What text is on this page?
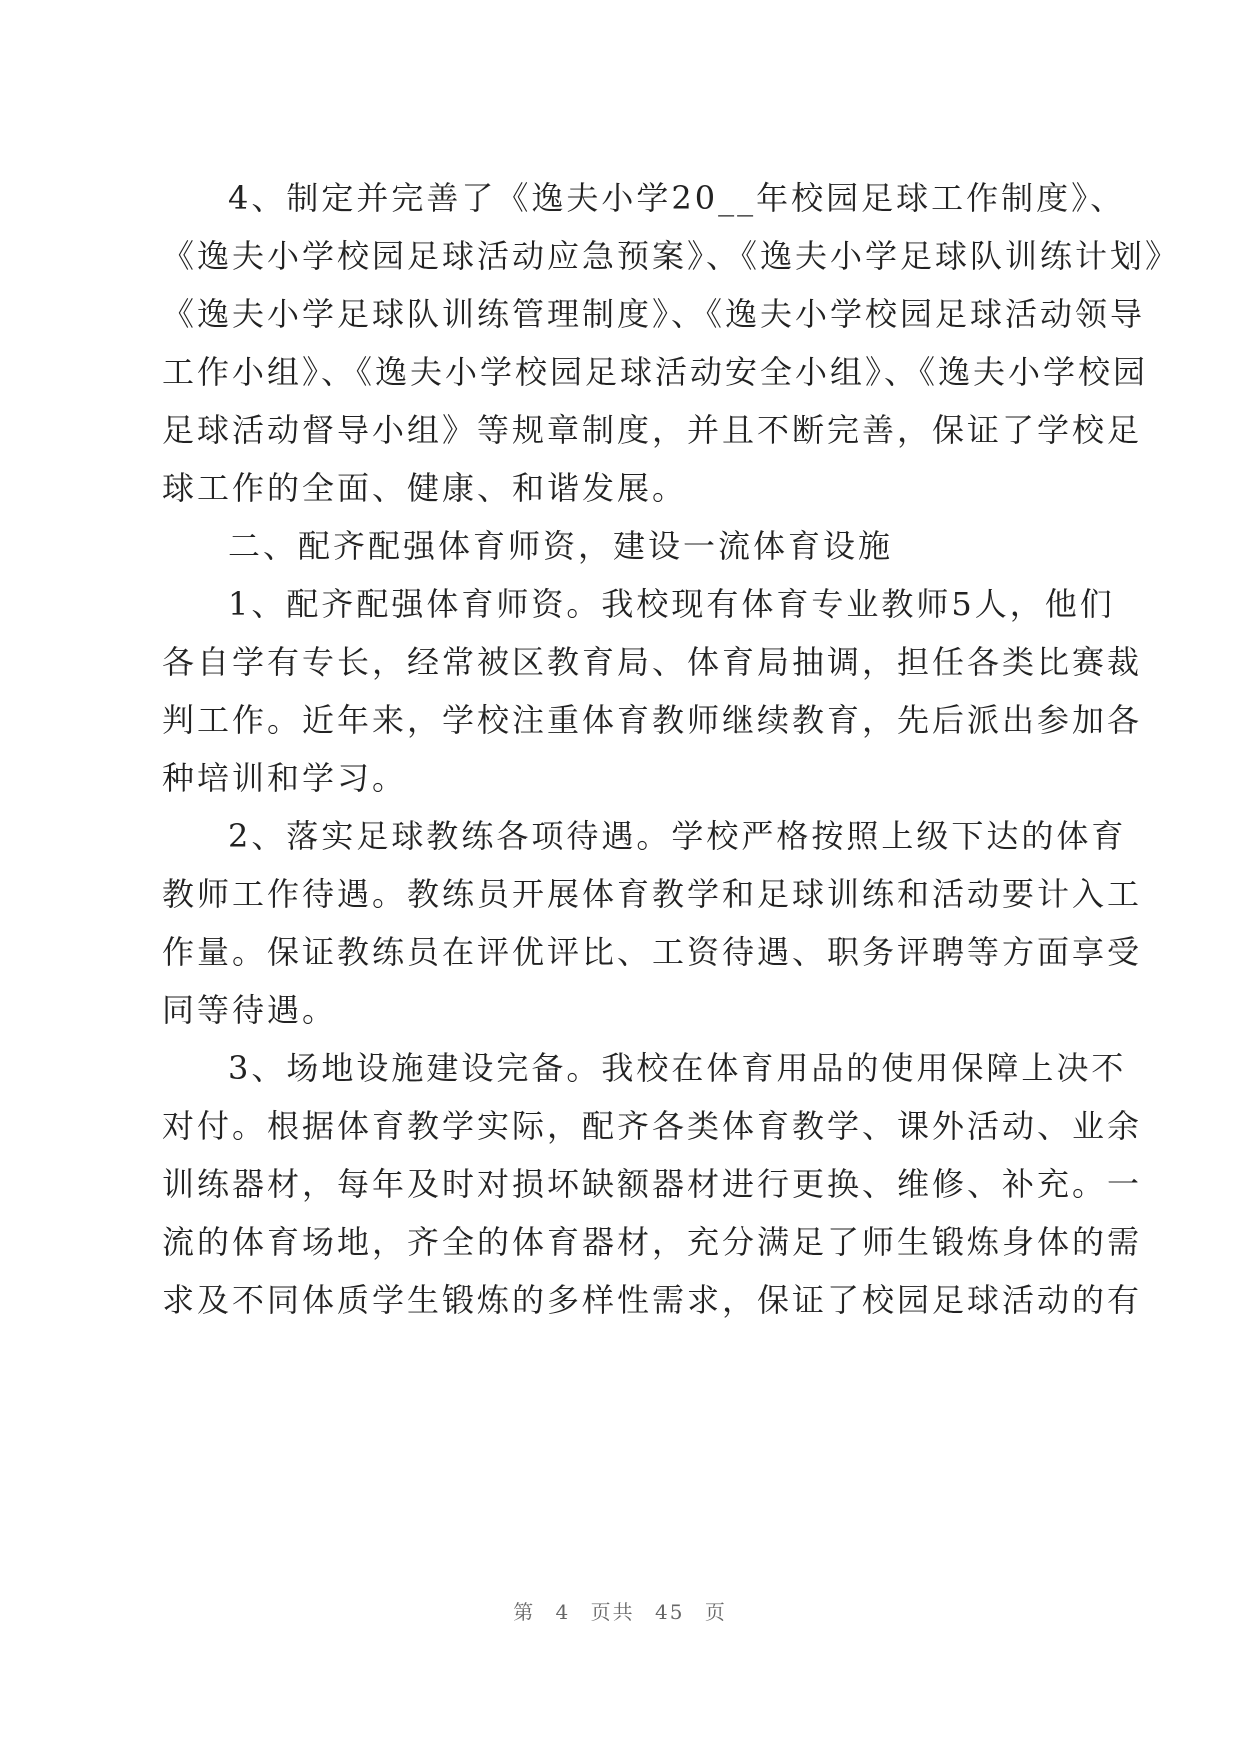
4、制定并完善了《逸夫小学20__年校园足球工作制度》、
《逸夫小学校园足球活动应急预案》、《逸夫小学足球队训练计划》
《逸夫小学足球队训练管理制度》、《逸夫小学校园足球活动领导
工作小组》、《逸夫小学校园足球活动安全小组》、《逸夫小学校园
足球活动督导小组》等规章制度，并且不断完善，保证了学校足
球工作的全面、健康、和谐发展。
二、配齐配强体育师资，建设一流体育设施
1、配齐配强体育师资。我校现有体育专业教师5人，他们
各自学有专长，经常被区教育局、体育局抽调，担任各类比赛裁
判工作。近年来，学校注重体育教师继续教育，先后派出参加各
种培训和学习。
2、落实足球教练各项待遇。学校严格按照上级下达的体育
教师工作待遇。教练员开展体育教学和足球训练和活动要计入工
作量。保证教练员在评优评比、工资待遇、职务评聘等方面享受
同等待遇。
3、场地设施建设完备。我校在体育用品的使用保障上决不
对付。根据体育教学实际，配齐各类体育教学、课外活动、业余
训练器材，每年及时对损坏缺额器材进行更换、维修、补充。一
流的体育场地，齐全的体育器材，充分满足了师生锻炼身体的需
求及不同体质学生锻炼的多样性需求，保证了校园足球活动的有
第 4 页共 45 页
